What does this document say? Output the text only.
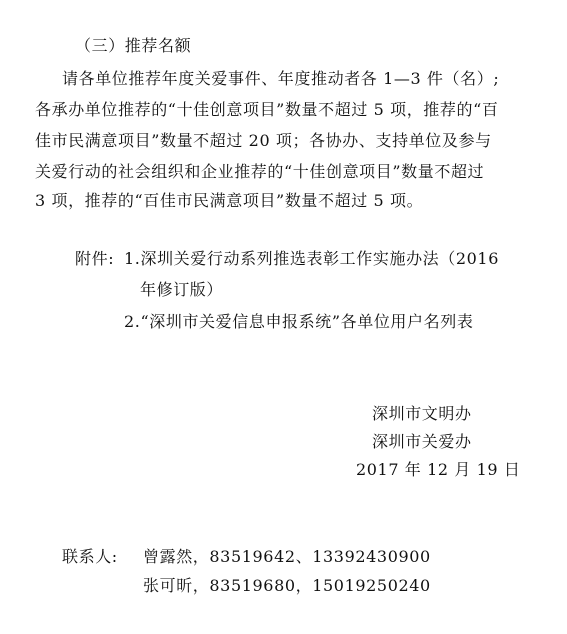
（三）推荐名额
请各单位推荐年度关爱事件、年度推动者各 1—3 件（名）;
各承办单位推荐的“十佳创意项目”数量不超过 5 项，推荐的“百
佳市民满意项目”数量不超过 20 项；各协办、支持单位及参与
关爱行动的社会组织和企业推荐的“十佳创意项目”数量不超过
3 项，推荐的“百佳市民满意项目”数量不超过 5 项。
附件: 1.深圳关爱行动系列推选表彰工作实施办法（2016
年修订版）
2.“深圳市关爱信息申报系统”各单位用户名列表
深圳市文明办
深圳市关爱办
2017 年 12 月 19 日
联系人: 曾露然，83519642、13392430900
张可昕，83519680，15019250240
